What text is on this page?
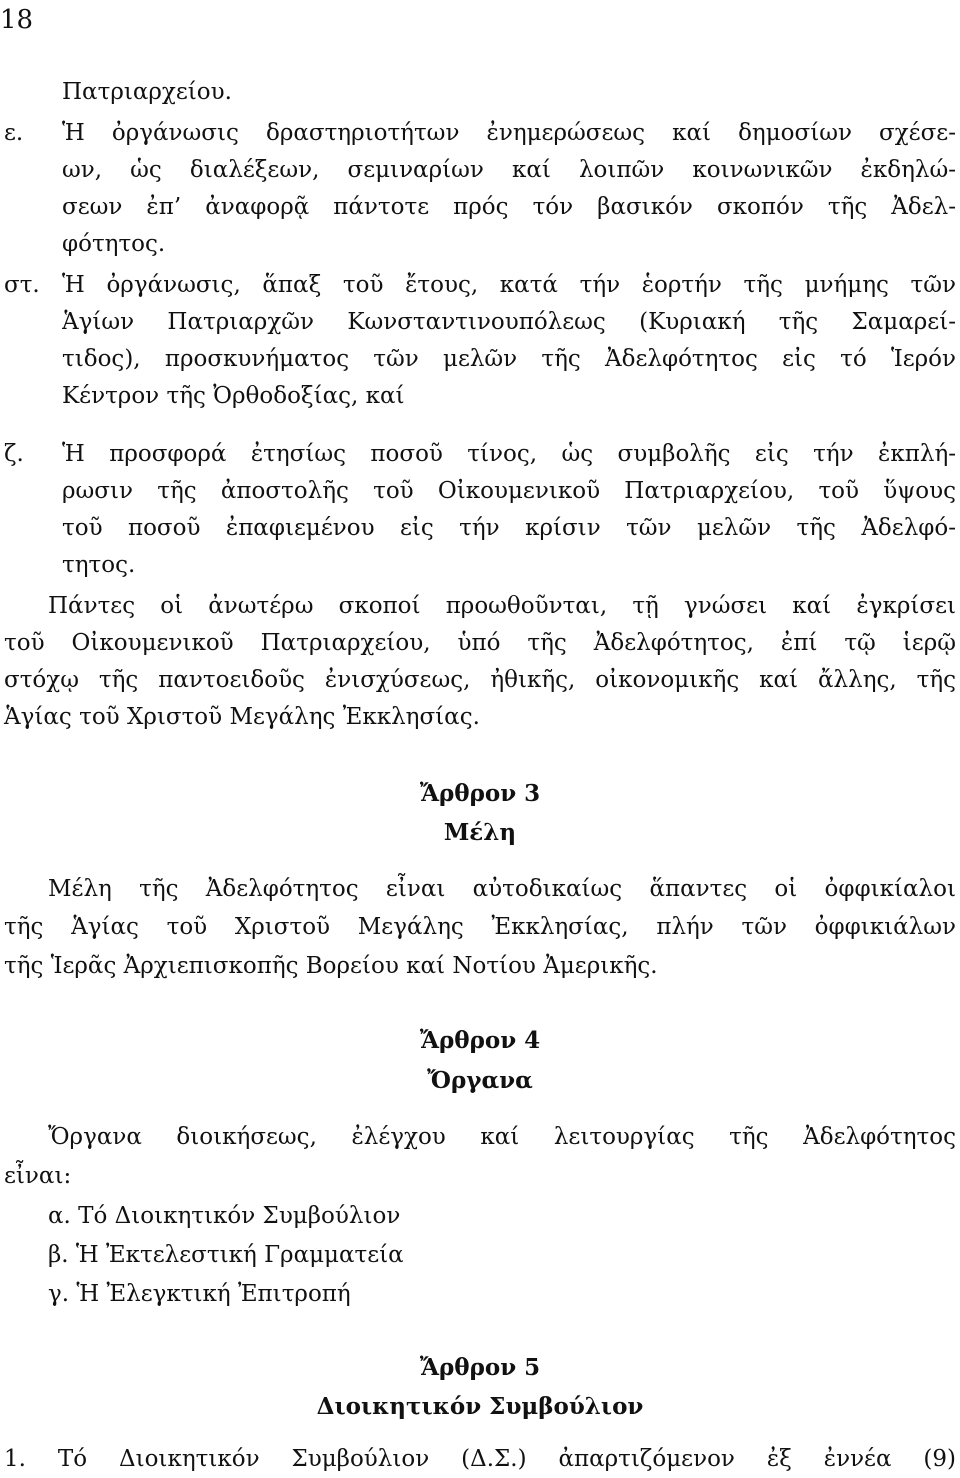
18
Πατριαρχείου.
ε. Ἡ ὀργάνωσις δραστηριοτήτων ἐνημερώσεως καί δημοσίων σχέσε-
ων, ὡς διαλέξεων, σεμιναρίων καί λοιπῶν κοινωνικῶν ἐκδηλώ-
σεων ἐπ’ ἀναφορᾷ πάντοτε πρός τόν βασικόν σκοπόν τῆς Ἀδελ-
φότητος.
στ. Ἡ ὀργάνωσις, ἅπαξ τοῦ ἔτους, κατά τήν ἑορτήν τῆς μνήμης τῶν
Ἁγίων Πατριαρχῶν Κωνσταντινουπόλεως (Κυριακή τῆς Σαμαρεί-
τιδος), προσκυνήματος τῶν μελῶν τῆς Ἀδελφότητος εἰς τό Ἱερόν
Κέντρον τῆς Ὀρθοδοξίας, καί
ζ. Ἡ προσφορά ἐτησίως ποσοῦ τίνος, ὡς συμβολῆς εἰς τήν ἐκπλή-
ρωσιν τῆς ἀποστολῆς τοῦ Οἰκουμενικοῦ Πατριαρχείου, τοῦ ὕψους
τοῦ ποσοῦ ἐπαφιεμένου εἰς τήν κρίσιν τῶν μελῶν τῆς Ἀδελφό-
τητος.
Πάντες οἱ ἀνωτέρω σκοποί προωθοῦνται, τῇ γνώσει καί ἐγκρίσει
τοῦ Οἰκουμενικοῦ Πατριαρχείου, ὑπό τῆς Ἀδελφότητος, ἐπί τῷ ἱερῷ
στόχῳ τῆς παντοειδοῦς ἐνισχύσεως, ἠθικῆς, οἰκονομικῆς καί ἄλλης, τῆς
Ἁγίας τοῦ Χριστοῦ Μεγάλης Ἐκκλησίας.
Ἄρθρον 3
Μέλη
Μέλη τῆς Ἀδελφότητος εἶναι αὐτοδικαίως ἅπαντες οἱ ὀφφικίαλοι
τῆς Ἁγίας τοῦ Χριστοῦ Μεγάλης Ἐκκλησίας, πλήν τῶν ὀφφικιάλων
τῆς Ἱερᾶς Ἀρχιεπισκοπῆς Βορείου καί Νοτίου Ἀμερικῆς.
Ἄρθρον 4
Ὄργανα
Ὄργανα διοικήσεως, ἐλέγχου καί λειτουργίας τῆς Ἀδελφότητος
εἶναι:
α. Τό Διοικητικόν Συμβούλιον
β. Ἡ Ἐκτελεστική Γραμματεία
γ. Ἡ Ἐλεγκτική Ἐπιτροπή
Ἄρθρον 5
Διοικητικόν Συμβούλιον
1. Τό Διοικητικόν Συμβούλιον (Δ.Σ.) ἀπαρτιζόμενον ἐξ ἐννέα (9)
